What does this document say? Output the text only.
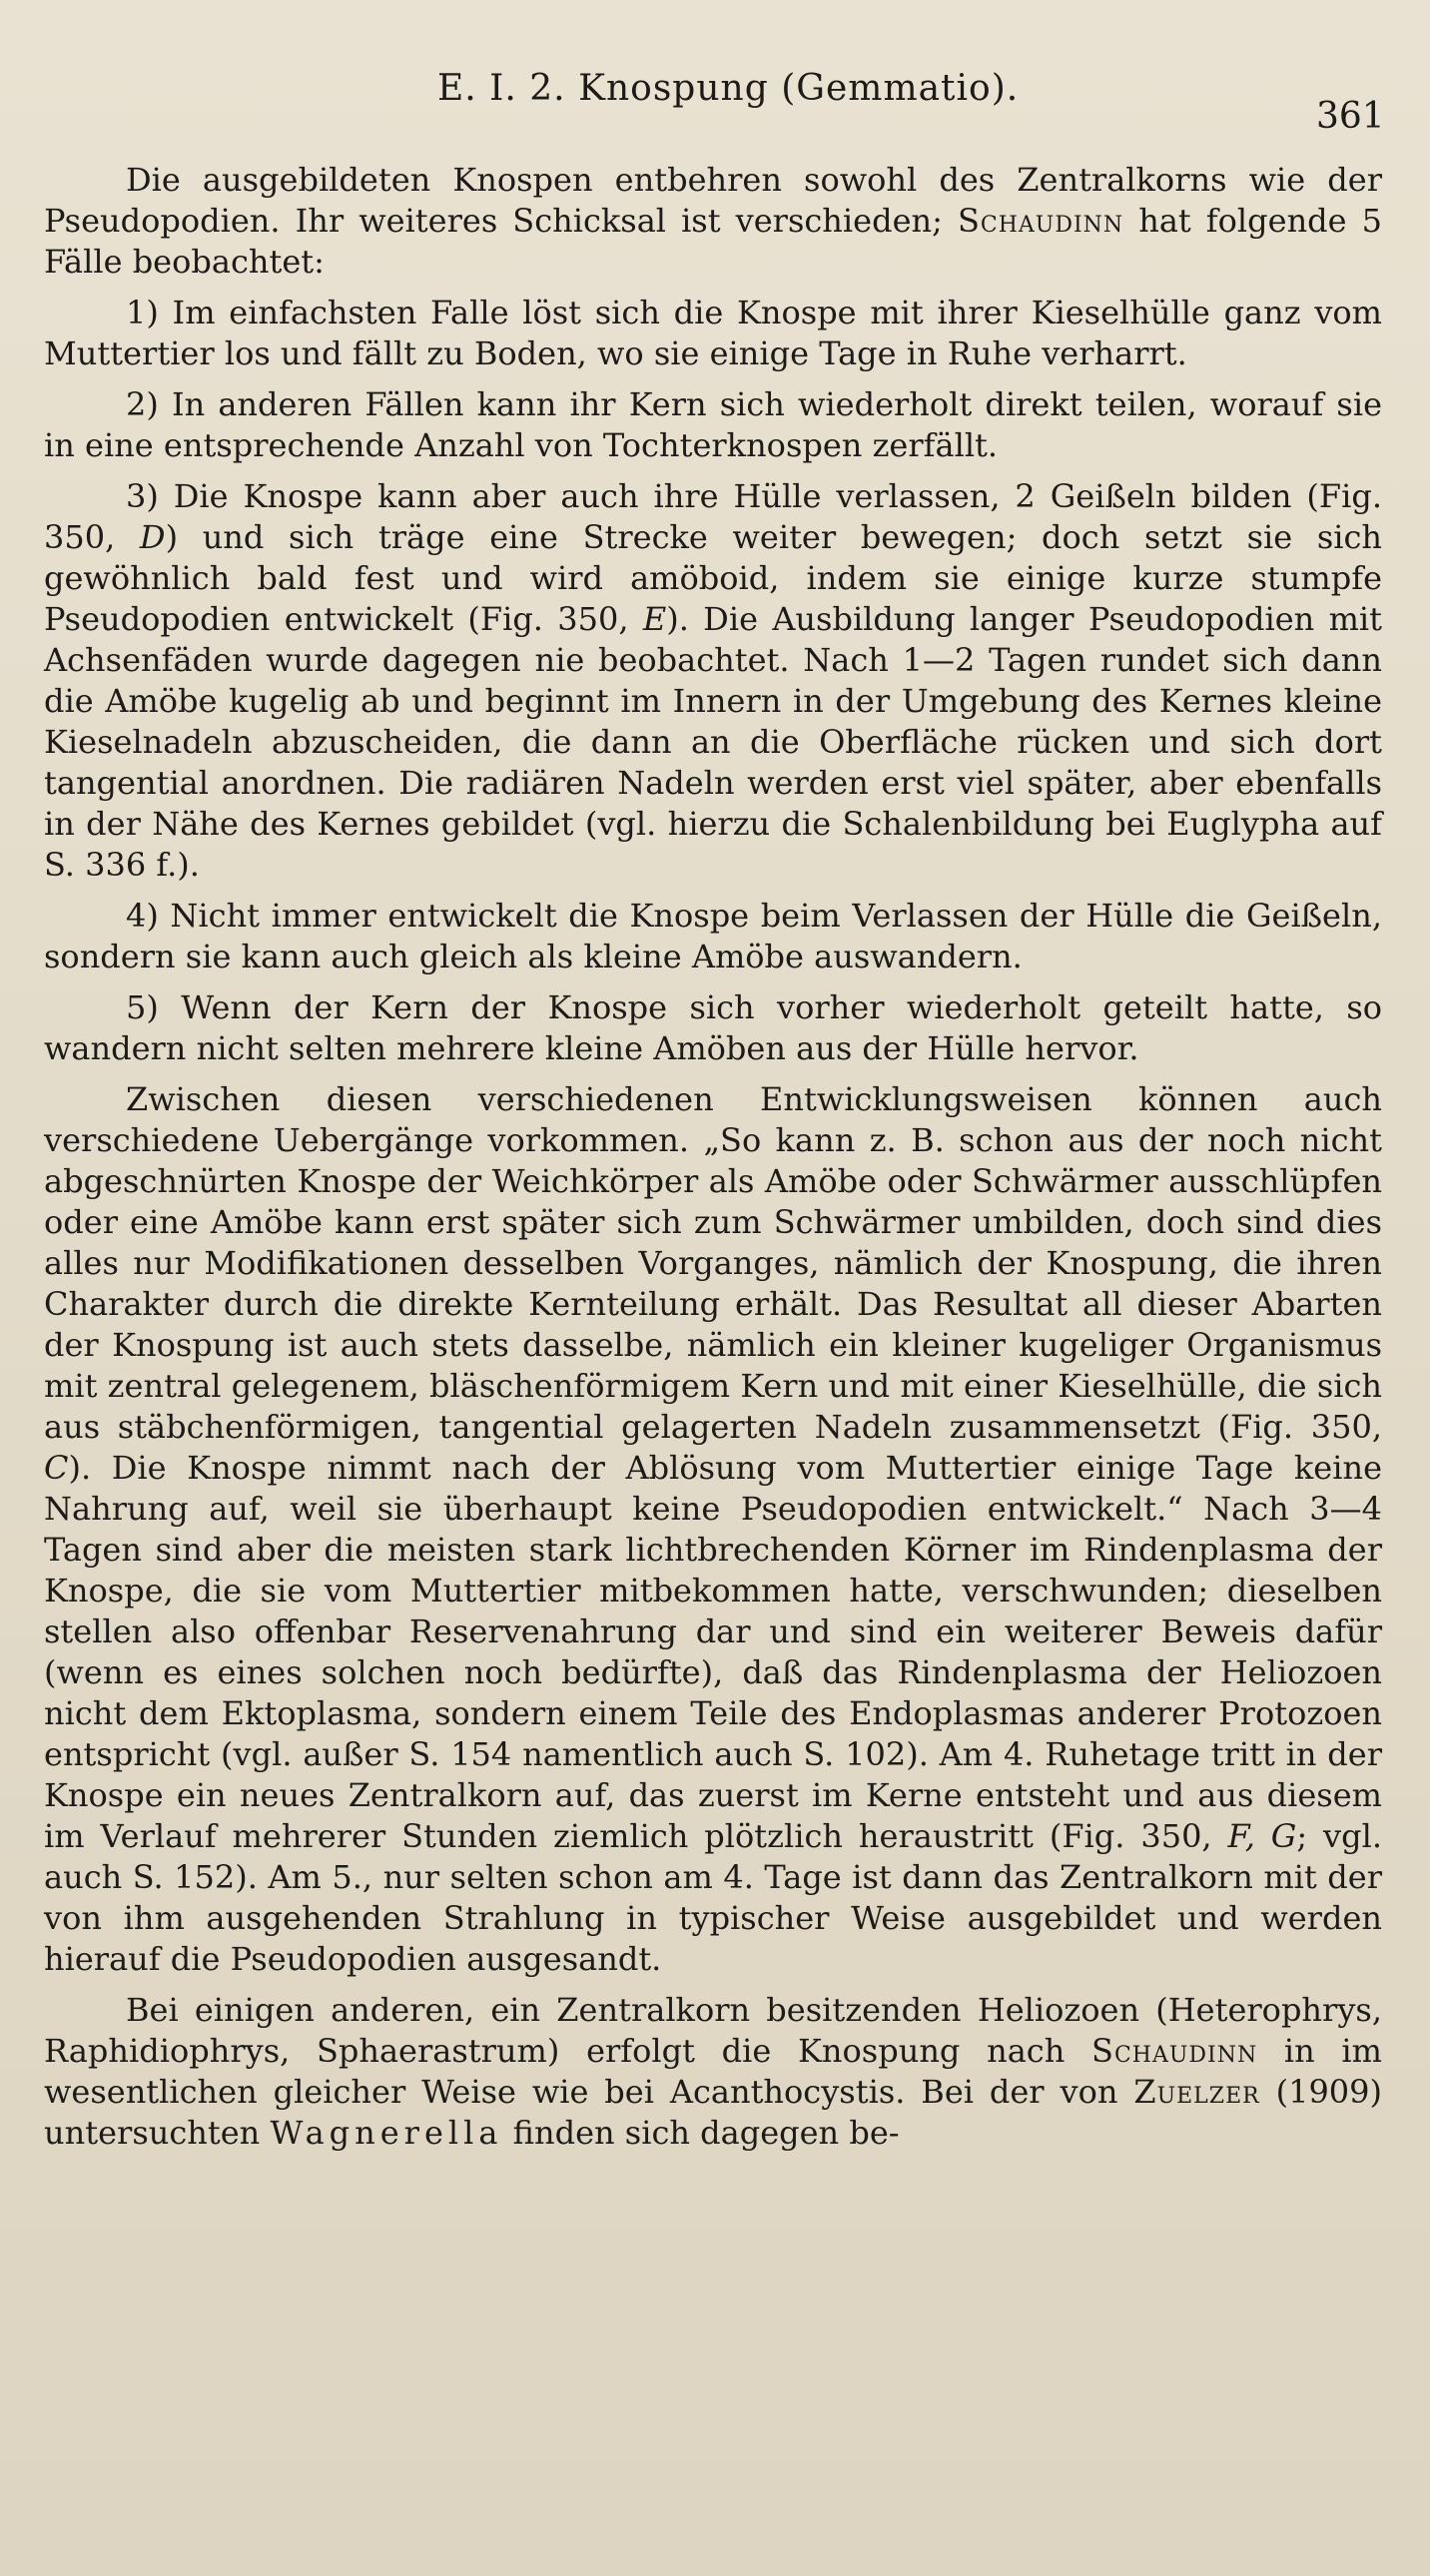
E. I. 2. Knospung (Gemmatio).
361

Die ausgebildeten Knospen entbehren sowohl des Zentralkorns wie der Pseudopodien. Ihr weiteres Schicksal ist verschieden; Schaudinn hat folgende 5 Fälle beobachtet:

1) Im einfachsten Falle löst sich die Knospe mit ihrer Kieselhülle ganz vom Muttertier los und fällt zu Boden, wo sie einige Tage in Ruhe verharrt.

2) In anderen Fällen kann ihr Kern sich wiederholt direkt teilen, worauf sie in eine entsprechende Anzahl von Tochterknospen zerfällt.

3) Die Knospe kann aber auch ihre Hülle verlassen, 2 Geißeln bilden (Fig. 350, D) und sich träge eine Strecke weiter bewegen; doch setzt sie sich gewöhnlich bald fest und wird amöboid, indem sie einige kurze stumpfe Pseudopodien entwickelt (Fig. 350, E). Die Ausbildung langer Pseudopodien mit Achsenfäden wurde dagegen nie beobachtet. Nach 1—2 Tagen rundet sich dann die Amöbe kugelig ab und beginnt im Innern in der Umgebung des Kernes kleine Kieselnadeln abzuscheiden, die dann an die Oberfläche rücken und sich dort tangential anordnen. Die radiären Nadeln werden erst viel später, aber ebenfalls in der Nähe des Kernes gebildet (vgl. hierzu die Schalenbildung bei Euglypha auf S. 336 f.).

4) Nicht immer entwickelt die Knospe beim Verlassen der Hülle die Geißeln, sondern sie kann auch gleich als kleine Amöbe auswandern.

5) Wenn der Kern der Knospe sich vorher wiederholt geteilt hatte, so wandern nicht selten mehrere kleine Amöben aus der Hülle hervor.

Zwischen diesen verschiedenen Entwicklungsweisen können auch verschiedene Uebergänge vorkommen. „So kann z. B. schon aus der noch nicht abgeschnürten Knospe der Weichkörper als Amöbe oder Schwärmer ausschlüpfen oder eine Amöbe kann erst später sich zum Schwärmer umbilden, doch sind dies alles nur Modifikationen desselben Vorganges, nämlich der Knospung, die ihren Charakter durch die direkte Kernteilung erhält. Das Resultat all dieser Abarten der Knospung ist auch stets dasselbe, nämlich ein kleiner kugeliger Organismus mit zentral gelegenem, bläschenförmigem Kern und mit einer Kieselhülle, die sich aus stäbchenförmigen, tangential gelagerten Nadeln zusammensetzt (Fig. 350, C). Die Knospe nimmt nach der Ablösung vom Muttertier einige Tage keine Nahrung auf, weil sie überhaupt keine Pseudopodien entwickelt.“ Nach 3—4 Tagen sind aber die meisten stark lichtbrechenden Körner im Rindenplasma der Knospe, die sie vom Muttertier mitbekommen hatte, verschwunden; dieselben stellen also offenbar Reservenahrung dar und sind ein weiterer Beweis dafür (wenn es eines solchen noch bedürfte), daß das Rindenplasma der Heliozoen nicht dem Ektoplasma, sondern einem Teile des Endoplasmas anderer Protozoen entspricht (vgl. außer S. 154 namentlich auch S. 102). Am 4. Ruhetage tritt in der Knospe ein neues Zentralkorn auf, das zuerst im Kerne entsteht und aus diesem im Verlauf mehrerer Stunden ziemlich plötzlich heraustritt (Fig. 350, F, G; vgl. auch S. 152). Am 5., nur selten schon am 4. Tage ist dann das Zentralkorn mit der von ihm ausgehenden Strahlung in typischer Weise ausgebildet und werden hierauf die Pseudopodien ausgesandt.

Bei einigen anderen, ein Zentralkorn besitzenden Heliozoen (Heterophrys, Raphidiophrys, Sphaerastrum) erfolgt die Knospung nach Schaudinn in im wesentlichen gleicher Weise wie bei Acanthocystis. Bei der von Zuelzer (1909) untersuchten Wagnerella finden sich dagegen be-
